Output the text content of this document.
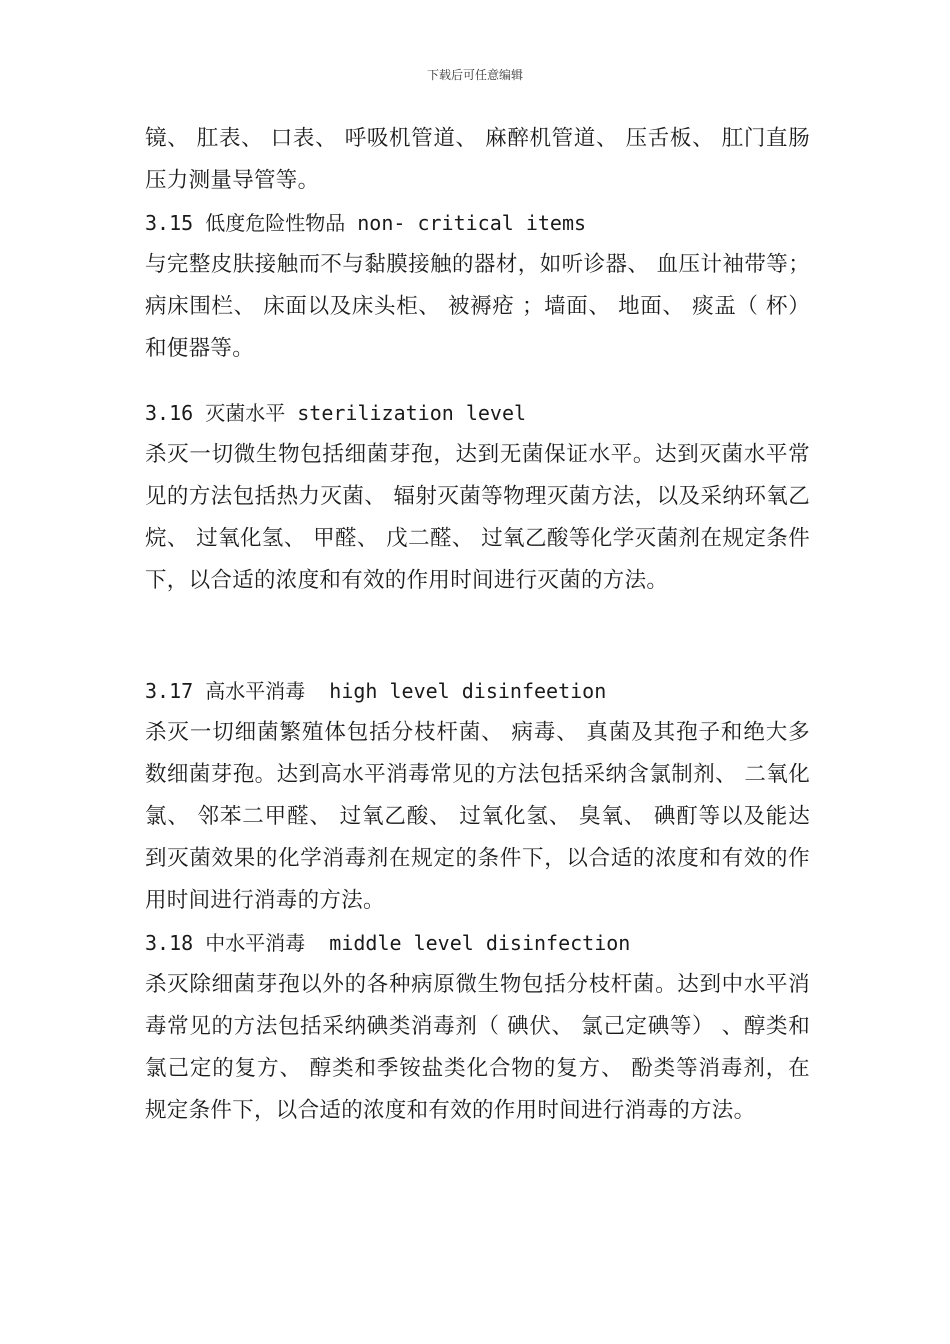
下载后可任意编辑

镜、 肛表、 口表、 呼吸机管道、 麻醉机管道、 压舌板、 肛门直肠压力测量导管等。

3.15 低度危险性物品 non- critical items

与完整皮肤接触而不与黏膜接触的器材，如听诊器、 血压计袖带等；病床围栏、 床面以及床头柜、 被褥疮 ；墙面、 地面、 痰盂（ 杯） 和便器等。

3.16 灭菌水平 sterilization level

杀灭一切微生物包括细菌芽孢，达到无菌保证水平。达到灭菌水平常见的方法包括热力灭菌、 辐射灭菌等物理灭菌方法，以及采纳环氧乙烷、 过氧化氢、 甲醛、 戊二醛、 过氧乙酸等化学灭菌剂在规定条件下，以合适的浓度和有效的作用时间进行灭菌的方法。

3.17 高水平消毒  high level disinfeetion

杀灭一切细菌繁殖体包括分枝杆菌、 病毒、 真菌及其孢子和绝大多数细菌芽孢。达到高水平消毒常见的方法包括采纳含氯制剂、 二氧化氯、 邻苯二甲醛、 过氧乙酸、 过氧化氢、 臭氧、 碘酊等以及能达到灭菌效果的化学消毒剂在规定的条件下，以合适的浓度和有效的作用时间进行消毒的方法。

3.18 中水平消毒  middle level disinfection

杀灭除细菌芽孢以外的各种病原微生物包括分枝杆菌。达到中水平消毒常见的方法包括采纳碘类消毒剂（ 碘伏、 氯己定碘等） 、醇类和氯己定的复方、 醇类和季铵盐类化合物的复方、 酚类等消毒剂，在规定条件下，以合适的浓度和有效的作用时间进行消毒的方法。
